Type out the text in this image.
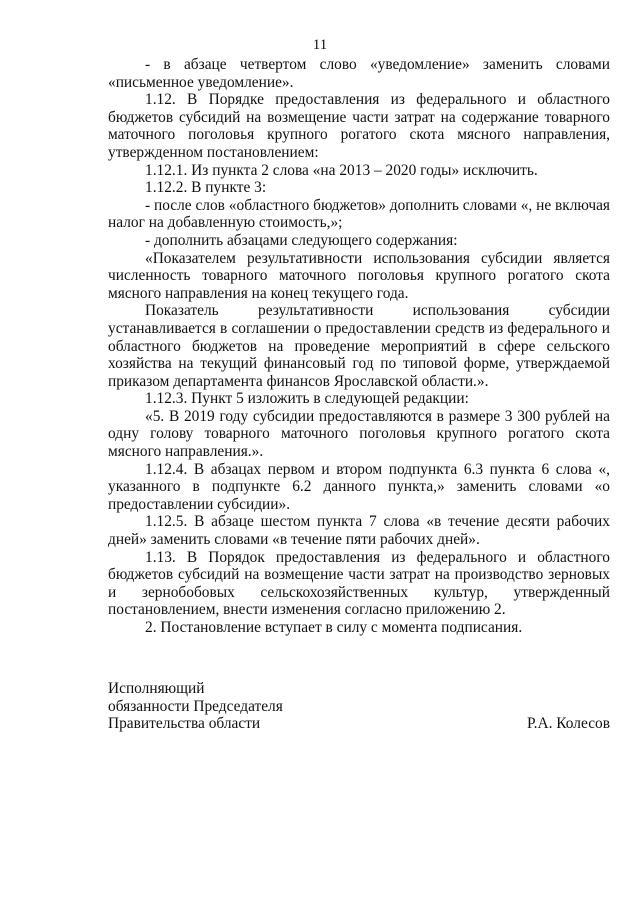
11

- в абзаце четвертом слово «уведомление» заменить словами «письменное уведомление».

1.12. В Порядке предоставления из федерального и областного бюджетов субсидий на возмещение части затрат на содержание товарного маточного поголовья крупного рогатого скота мясного направления, утвержденном постановлением:

1.12.1. Из пункта 2 слова «на 2013 – 2020 годы» исключить.

1.12.2. В пункте 3:

- после слов «областного бюджетов» дополнить словами «, не включая налог на добавленную стоимость,»;

- дополнить абзацами следующего содержания:

«Показателем результативности использования субсидии является численность товарного маточного поголовья крупного рогатого скота мясного направления на конец текущего года.

Показатель результативности использования субсидии устанавливается в соглашении о предоставлении средств из федерального и областного бюджетов на проведение мероприятий в сфере сельского хозяйства на текущий финансовый год по типовой форме, утверждаемой приказом департамента финансов Ярославской области.».

1.12.3. Пункт 5 изложить в следующей редакции:

«5. В 2019 году субсидии предоставляются в размере 3 300 рублей на одну голову товарного маточного поголовья крупного рогатого скота мясного направления.».

1.12.4. В абзацах первом и втором подпункта 6.3 пункта 6 слова «, указанного в подпункте 6.2 данного пункта,» заменить словами «о предоставлении субсидии».

1.12.5. В абзаце шестом пункта 7 слова «в течение десяти рабочих дней» заменить словами «в течение пяти рабочих дней».

1.13. В Порядок предоставления из федерального и областного бюджетов субсидий на возмещение части затрат на производство зерновых и зернобобовых сельскохозяйственных культур, утвержденный постановлением, внести изменения согласно приложению 2.

2. Постановление вступает в силу с момента подписания.

Исполняющий
обязанности Председателя
Правительства области	Р.А. Колесов
